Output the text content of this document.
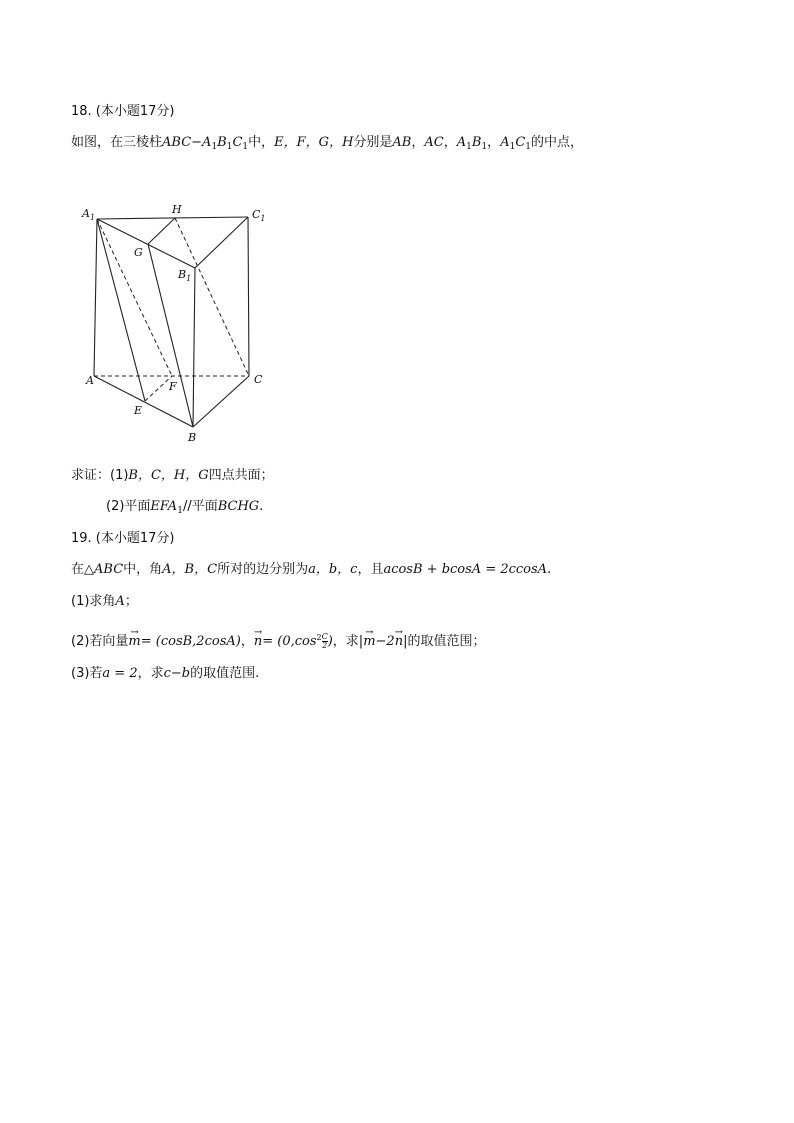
18. (本小题17分)
如图，在三棱柱$ABC-A_1B_1C_1$中，E，F，G，H分别是AB，AC，$A_1B_1$，$A_1C_1$的中点，
$A_1$
H	$C_1$
G
$B_1$
A	F
C
E
B
求证：(1)B，C，H，G四点共面；
(2)平面$EFA_1//$平面BCHG.
19. (本小题17分)
在△ABC中，角A，B，C所对的边分别为a，b，c，且acosB + bcosA = 2ccosA.
(1)求角A；
(2)若向量→ m= (cosB,2cosA)，→ $n= (0,\cos^2 \frac{C}{2}$ )，求|→ m−2→ n|的取值范围；
(3)若a = 2，求c−b的取值范围.
